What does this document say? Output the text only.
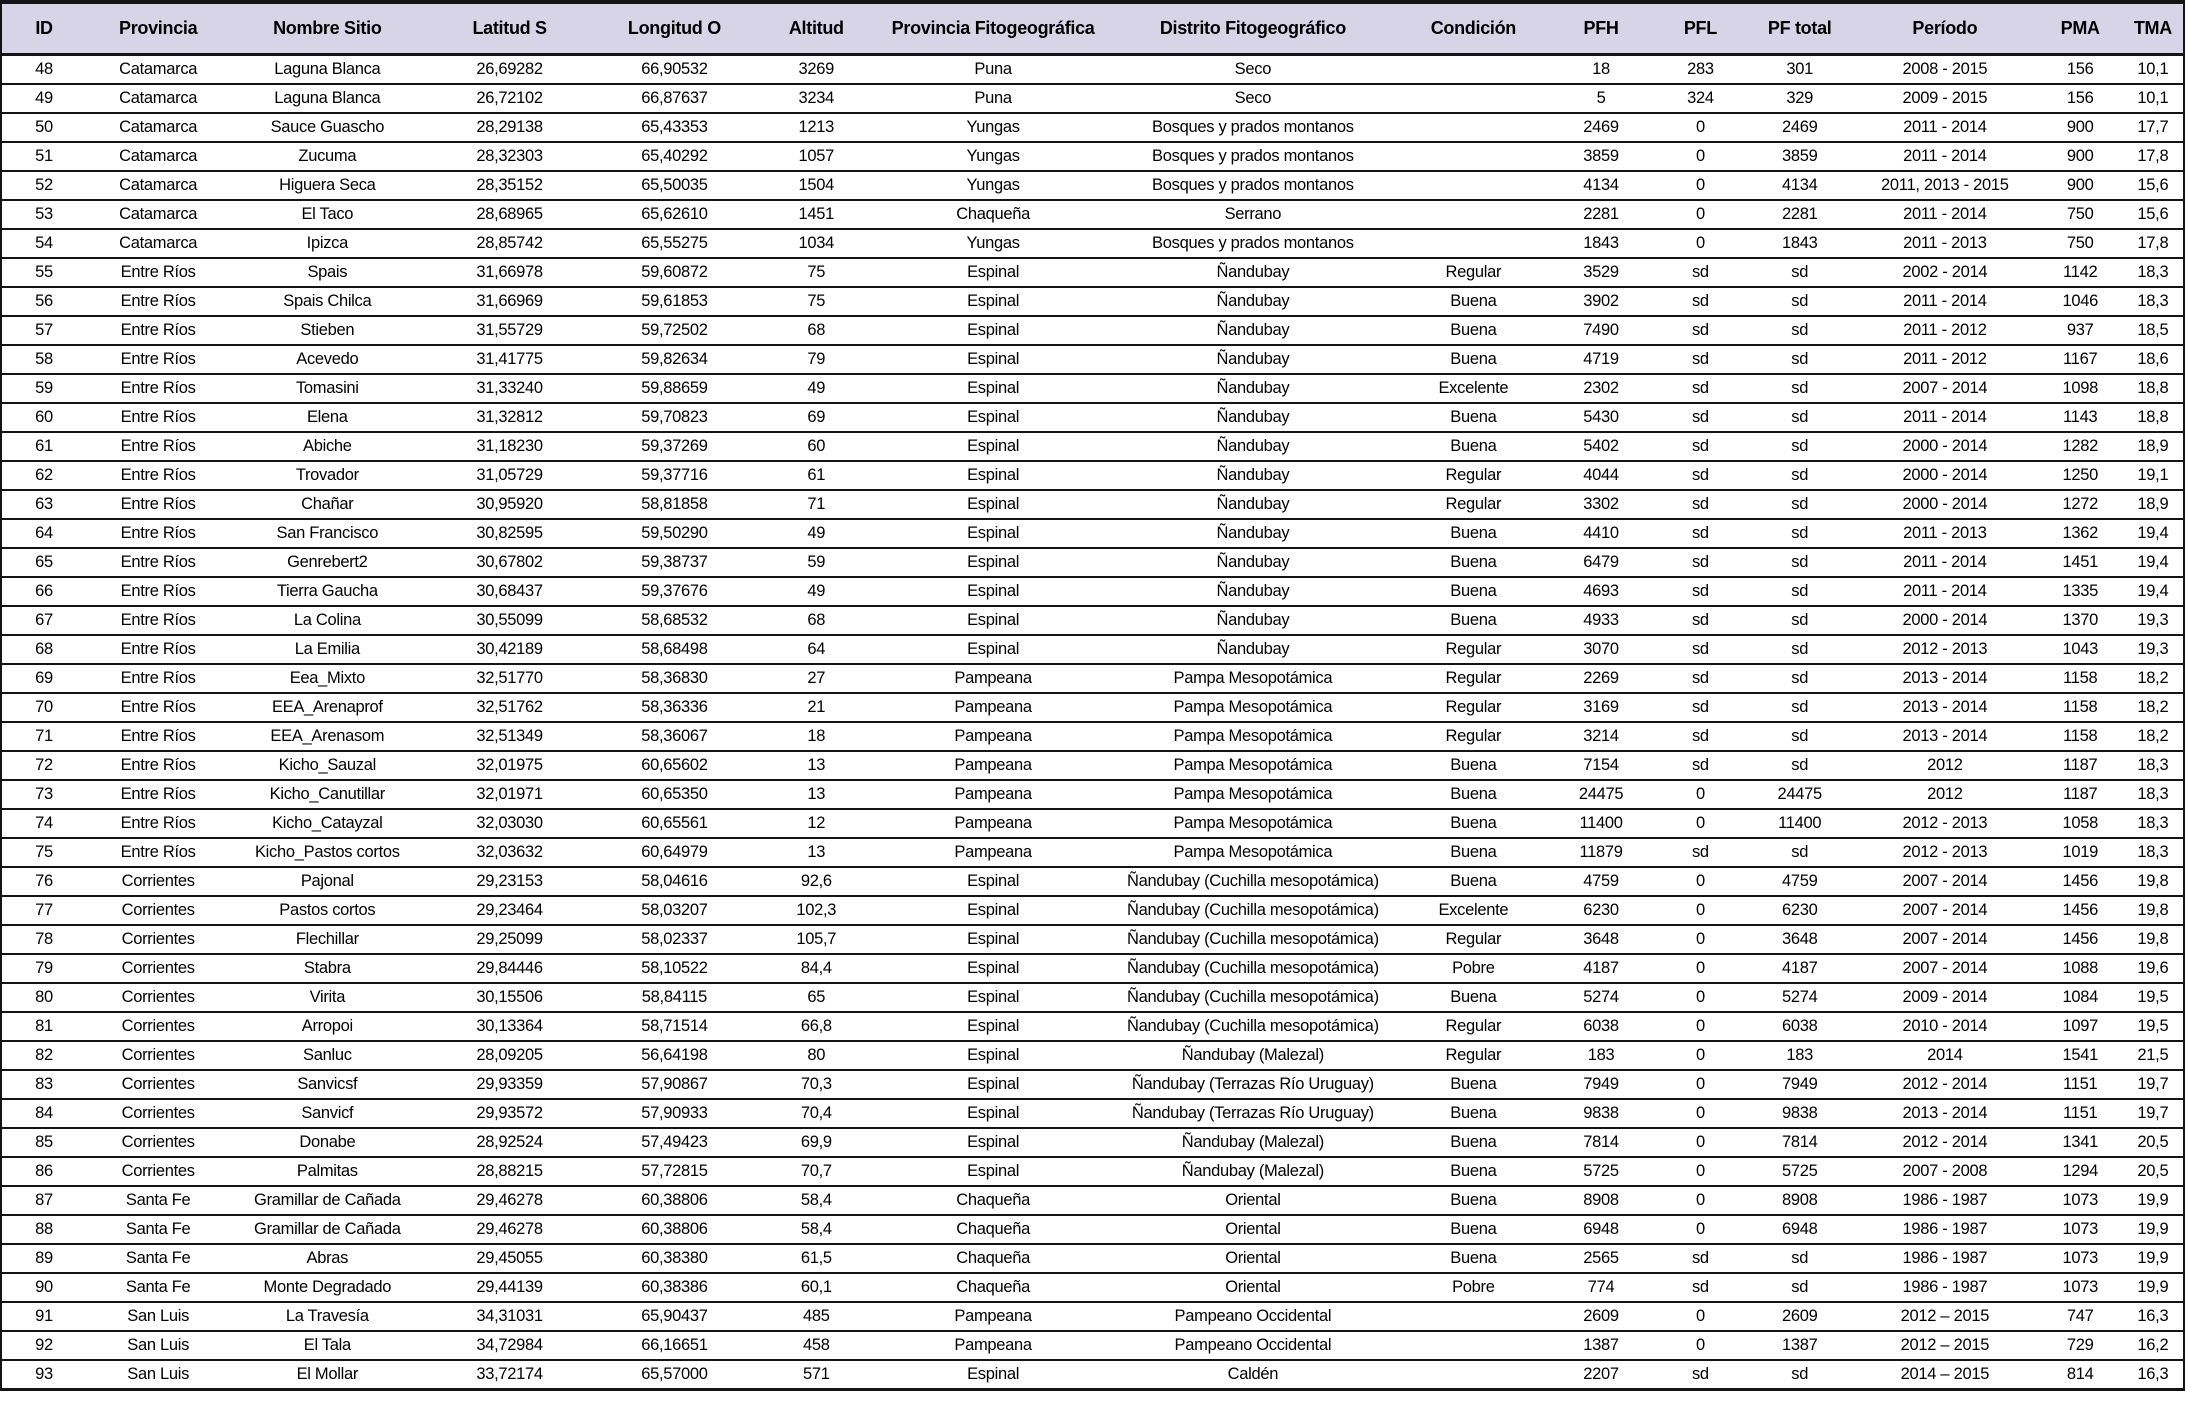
ID	Provincia	Nombre Sitio	Latitud S	Longitud O	Altitud	Provincia Fitogeográfica	Distrito Fitogeográfico	Condición	PFH	PFL	PF total	Período	PMA	TMA
48	Catamarca	Laguna Blanca	26,69282	66,90532	3269	Puna	Seco		18	283	301	2008 - 2015	156	10,1
49	Catamarca	Laguna Blanca	26,72102	66,87637	3234	Puna	Seco		5	324	329	2009 - 2015	156	10,1
50	Catamarca	Sauce Guascho	28,29138	65,43353	1213	Yungas	Bosques y prados montanos		2469	0	2469	2011 - 2014	900	17,7
51	Catamarca	Zucuma	28,32303	65,40292	1057	Yungas	Bosques y prados montanos		3859	0	3859	2011 - 2014	900	17,8
52	Catamarca	Higuera Seca	28,35152	65,50035	1504	Yungas	Bosques y prados montanos		4134	0	4134	2011, 2013 - 2015	900	15,6
53	Catamarca	El Taco	28,68965	65,62610	1451	Chaqueña	Serrano		2281	0	2281	2011 - 2014	750	15,6
54	Catamarca	Ipizca	28,85742	65,55275	1034	Yungas	Bosques y prados montanos		1843	0	1843	2011 - 2013	750	17,8
55	Entre Ríos	Spais	31,66978	59,60872	75	Espinal	Ñandubay	Regular	3529	sd	sd	2002 - 2014	1142	18,3
56	Entre Ríos	Spais Chilca	31,66969	59,61853	75	Espinal	Ñandubay	Buena	3902	sd	sd	2011 - 2014	1046	18,3
57	Entre Ríos	Stieben	31,55729	59,72502	68	Espinal	Ñandubay	Buena	7490	sd	sd	2011 - 2012	937	18,5
58	Entre Ríos	Acevedo	31,41775	59,82634	79	Espinal	Ñandubay	Buena	4719	sd	sd	2011 - 2012	1167	18,6
59	Entre Ríos	Tomasini	31,33240	59,88659	49	Espinal	Ñandubay	Excelente	2302	sd	sd	2007 - 2014	1098	18,8
60	Entre Ríos	Elena	31,32812	59,70823	69	Espinal	Ñandubay	Buena	5430	sd	sd	2011 - 2014	1143	18,8
61	Entre Ríos	Abiche	31,18230	59,37269	60	Espinal	Ñandubay	Buena	5402	sd	sd	2000 - 2014	1282	18,9
62	Entre Ríos	Trovador	31,05729	59,37716	61	Espinal	Ñandubay	Regular	4044	sd	sd	2000 - 2014	1250	19,1
63	Entre Ríos	Chañar	30,95920	58,81858	71	Espinal	Ñandubay	Regular	3302	sd	sd	2000 - 2014	1272	18,9
64	Entre Ríos	San Francisco	30,82595	59,50290	49	Espinal	Ñandubay	Buena	4410	sd	sd	2011 - 2013	1362	19,4
65	Entre Ríos	Genrebert2	30,67802	59,38737	59	Espinal	Ñandubay	Buena	6479	sd	sd	2011 - 2014	1451	19,4
66	Entre Ríos	Tierra Gaucha	30,68437	59,37676	49	Espinal	Ñandubay	Buena	4693	sd	sd	2011 - 2014	1335	19,4
67	Entre Ríos	La Colina	30,55099	58,68532	68	Espinal	Ñandubay	Buena	4933	sd	sd	2000 - 2014	1370	19,3
68	Entre Ríos	La Emilia	30,42189	58,68498	64	Espinal	Ñandubay	Regular	3070	sd	sd	2012 - 2013	1043	19,3
69	Entre Ríos	Eea_Mixto	32,51770	58,36830	27	Pampeana	Pampa Mesopotámica	Regular	2269	sd	sd	2013 - 2014	1158	18,2
70	Entre Ríos	EEA_Arenaprof	32,51762	58,36336	21	Pampeana	Pampa Mesopotámica	Regular	3169	sd	sd	2013 - 2014	1158	18,2
71	Entre Ríos	EEA_Arenasom	32,51349	58,36067	18	Pampeana	Pampa Mesopotámica	Regular	3214	sd	sd	2013 - 2014	1158	18,2
72	Entre Ríos	Kicho_Sauzal	32,01975	60,65602	13	Pampeana	Pampa Mesopotámica	Buena	7154	sd	sd	2012	1187	18,3
73	Entre Ríos	Kicho_Canutillar	32,01971	60,65350	13	Pampeana	Pampa Mesopotámica	Buena	24475	0	24475	2012	1187	18,3
74	Entre Ríos	Kicho_Catayzal	32,03030	60,65561	12	Pampeana	Pampa Mesopotámica	Buena	11400	0	11400	2012 - 2013	1058	18,3
75	Entre Ríos	Kicho_Pastos cortos	32,03632	60,64979	13	Pampeana	Pampa Mesopotámica	Buena	11879	sd	sd	2012 - 2013	1019	18,3
76	Corrientes	Pajonal	29,23153	58,04616	92,6	Espinal	Ñandubay (Cuchilla mesopotámica)	Buena	4759	0	4759	2007 - 2014	1456	19,8
77	Corrientes	Pastos cortos	29,23464	58,03207	102,3	Espinal	Ñandubay (Cuchilla mesopotámica)	Excelente	6230	0	6230	2007 - 2014	1456	19,8
78	Corrientes	Flechillar	29,25099	58,02337	105,7	Espinal	Ñandubay (Cuchilla mesopotámica)	Regular	3648	0	3648	2007 - 2014	1456	19,8
79	Corrientes	Stabra	29,84446	58,10522	84,4	Espinal	Ñandubay (Cuchilla mesopotámica)	Pobre	4187	0	4187	2007 - 2014	1088	19,6
80	Corrientes	Virita	30,15506	58,84115	65	Espinal	Ñandubay (Cuchilla mesopotámica)	Buena	5274	0	5274	2009 - 2014	1084	19,5
81	Corrientes	Arropoi	30,13364	58,71514	66,8	Espinal	Ñandubay (Cuchilla mesopotámica)	Regular	6038	0	6038	2010 - 2014	1097	19,5
82	Corrientes	Sanluc	28,09205	56,64198	80	Espinal	Ñandubay (Malezal)	Regular	183	0	183	2014	1541	21,5
83	Corrientes	Sanvicsf	29,93359	57,90867	70,3	Espinal	Ñandubay (Terrazas Río Uruguay)	Buena	7949	0	7949	2012 - 2014	1151	19,7
84	Corrientes	Sanvicf	29,93572	57,90933	70,4	Espinal	Ñandubay (Terrazas Río Uruguay)	Buena	9838	0	9838	2013 - 2014	1151	19,7
85	Corrientes	Donabe	28,92524	57,49423	69,9	Espinal	Ñandubay (Malezal)	Buena	7814	0	7814	2012 - 2014	1341	20,5
86	Corrientes	Palmitas	28,88215	57,72815	70,7	Espinal	Ñandubay (Malezal)	Buena	5725	0	5725	2007 - 2008	1294	20,5
87	Santa Fe	Gramillar de Cañada	29,46278	60,38806	58,4	Chaqueña	Oriental	Buena	8908	0	8908	1986 - 1987	1073	19,9
88	Santa Fe	Gramillar de Cañada	29,46278	60,38806	58,4	Chaqueña	Oriental	Buena	6948	0	6948	1986 - 1987	1073	19,9
89	Santa Fe	Abras	29,45055	60,38380	61,5	Chaqueña	Oriental	Buena	2565	sd	sd	1986 - 1987	1073	19,9
90	Santa Fe	Monte Degradado	29,44139	60,38386	60,1	Chaqueña	Oriental	Pobre	774	sd	sd	1986 - 1987	1073	19,9
91	San Luis	La Travesía	34,31031	65,90437	485	Pampeana	Pampeano Occidental		2609	0	2609	2012 – 2015	747	16,3
92	San Luis	El Tala	34,72984	66,16651	458	Pampeana	Pampeano Occidental		1387	0	1387	2012 – 2015	729	16,2
93	San Luis	El Mollar	33,72174	65,57000	571	Espinal	Caldén		2207	sd	sd	2014 – 2015	814	16,3
